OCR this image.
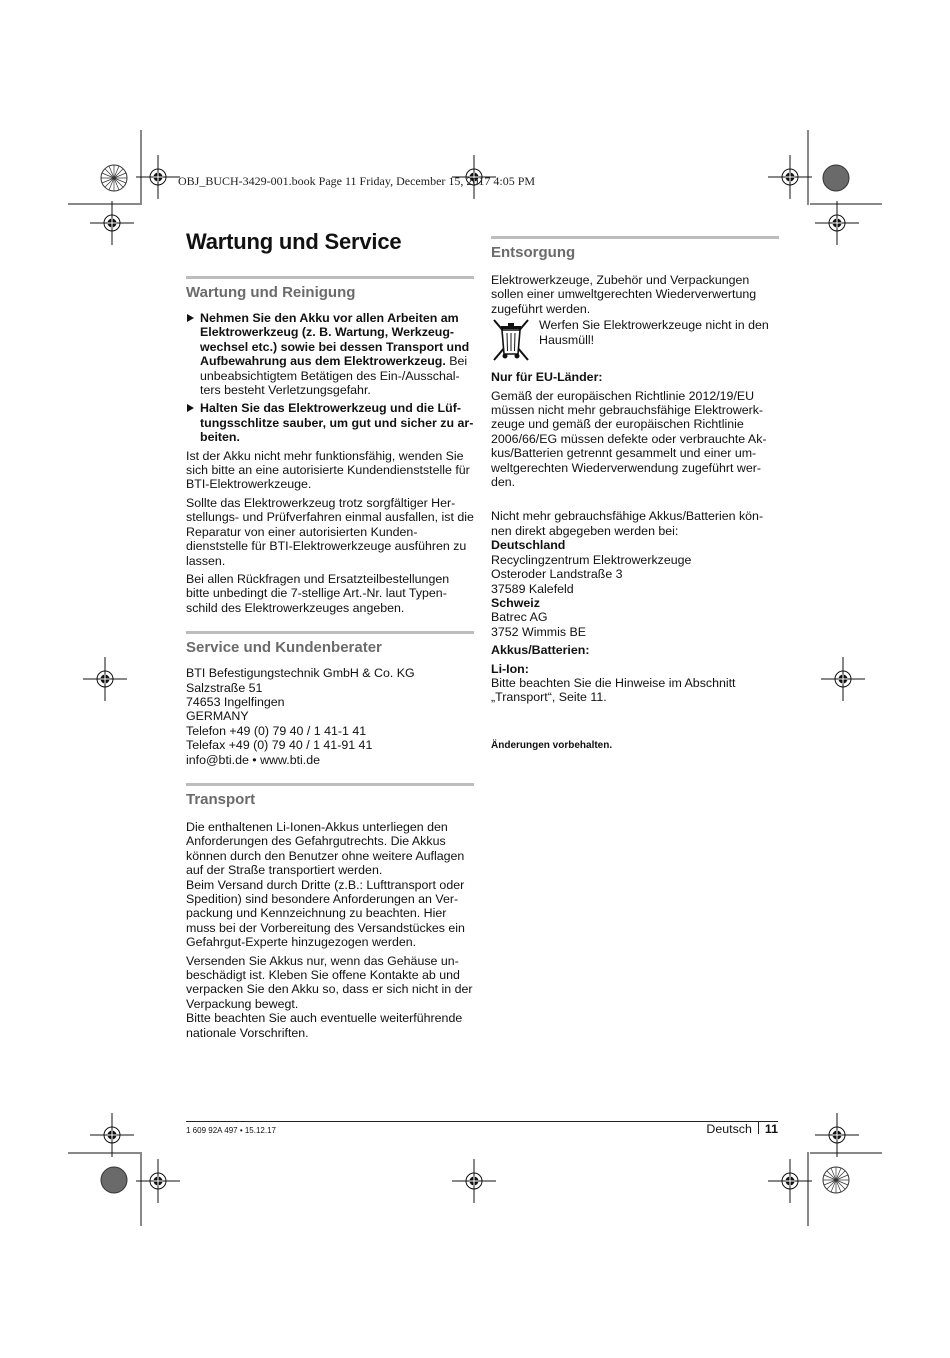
OBJ_BUCH-3429-001.book Page 11 Friday, December 15, 2017 4:05 PM
Wartung und Service
Wartung und Reinigung
Nehmen Sie den Akku vor allen Arbeiten am Elektrowerkzeug (z. B. Wartung, Werkzeugwechsel etc.) sowie bei dessen Transport und Aufbewahrung aus dem Elektrowerkzeug. Bei unbeabsichtigtem Betätigen des Ein-/Ausschalters besteht Verletzungsgefahr.
Halten Sie das Elektrowerkzeug und die Lüftungsschlitze sauber, um gut und sicher zu arbeiten.

Ist der Akku nicht mehr funktionsfähig, wenden Sie sich bitte an eine autorisierte Kundendienststelle für BTI-Elektrowerkzeuge.

Sollte das Elektrowerkzeug trotz sorgfältiger Herstellungs- und Prüfverfahren einmal ausfallen, ist die Reparatur von einer autorisierten Kundendienststelle für BTI-Elektrowerkzeuge ausführen zu lassen.

Bei allen Rückfragen und Ersatzteilbestellungen bitte unbedingt die 7-stellige Art.-Nr. laut Typenschild des Elektrowerkzeuges angeben.

Service und Kundenberater
BTI Befestigungstechnik GmbH & Co. KG
Salzstraße 51
74653 Ingelfingen
GERMANY
Telefon +49 (0) 79 40 / 1 41-1 41
Telefax +49 (0) 79 40 / 1 41-91 41
info@bti.de • www.bti.de
Transport

Die enthaltenen Li-Ionen-Akkus unterliegen den Anforderungen des Gefahrgutrechts. Die Akkus können durch den Benutzer ohne weitere Auflagen auf der Straße transportiert werden.

Beim Versand durch Dritte (z.B.: Lufttransport oder Spedition) sind besondere Anforderungen an Verpackung und Kennzeichnung zu beachten. Hier muss bei der Vorbereitung des Versandstückes ein Gefahrgut-Experte hinzugezogen werden.

Versenden Sie Akkus nur, wenn das Gehäuse unbeschädigt ist. Kleben Sie offene Kontakte ab und verpacken Sie den Akku so, dass er sich nicht in der Verpackung bewegt.

Bitte beachten Sie auch eventuelle weiterführende nationale Vorschriften.

Entsorgung

Elektrowerkzeuge, Zubehör und Verpackungen sollen einer umweltgerechten Wiederverwertung zugeführt werden.

Werfen Sie Elektrowerkzeuge nicht in den Hausmüll!

Nur für EU-Länder:

Gemäß der europäischen Richtlinie 2012/19/EU müssen nicht mehr gebrauchsfähige Elektrowerkzeuge und gemäß der europäischen Richtlinie 2006/66/EG müssen defekte oder verbrauchte Akkus/Batterien getrennt gesammelt und einer umweltgerechten Wiederverwendung zugeführt werden.

Nicht mehr gebrauchsfähige Akkus/Batterien können direkt abgegeben werden bei:

Deutschland
Recyclingzentrum Elektrowerkzeuge
Osteroder Landstraße 3
37589 Kalefeld
Schweiz
Batrec AG
3752 Wimmis BE

Akkus/Batterien:

Li-Ion:

Bitte beachten Sie die Hinweise im Abschnitt „Transport“, Seite 11.

Änderungen vorbehalten.

1 609 92A 497 • 15.12.17	Deutsch 11
